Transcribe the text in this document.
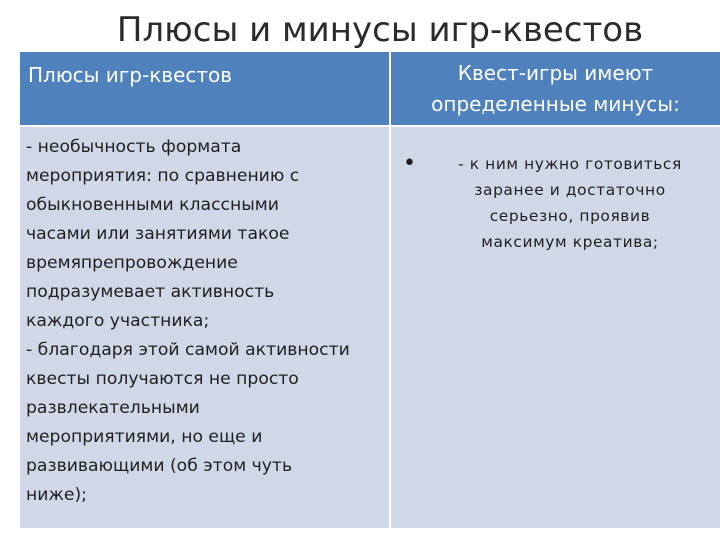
Плюсы и минусы игр-квестов
Плюсы игр-квестов	Квест-игры имеют
определенные минусы:
- необычность формата
мероприятия: по сравнению с
обыкновенными классными
часами или занятиями такое
времяпрепровождение
подразумевает активность
каждого участника;
- благодаря этой самой активности
квесты получаются не просто
развлекательными
мероприятиями, но еще и
развивающими (об этом чуть
ниже);
•	- к ним нужно готовиться
заранее и достаточно
серьезно, проявив
максимум креатива;
